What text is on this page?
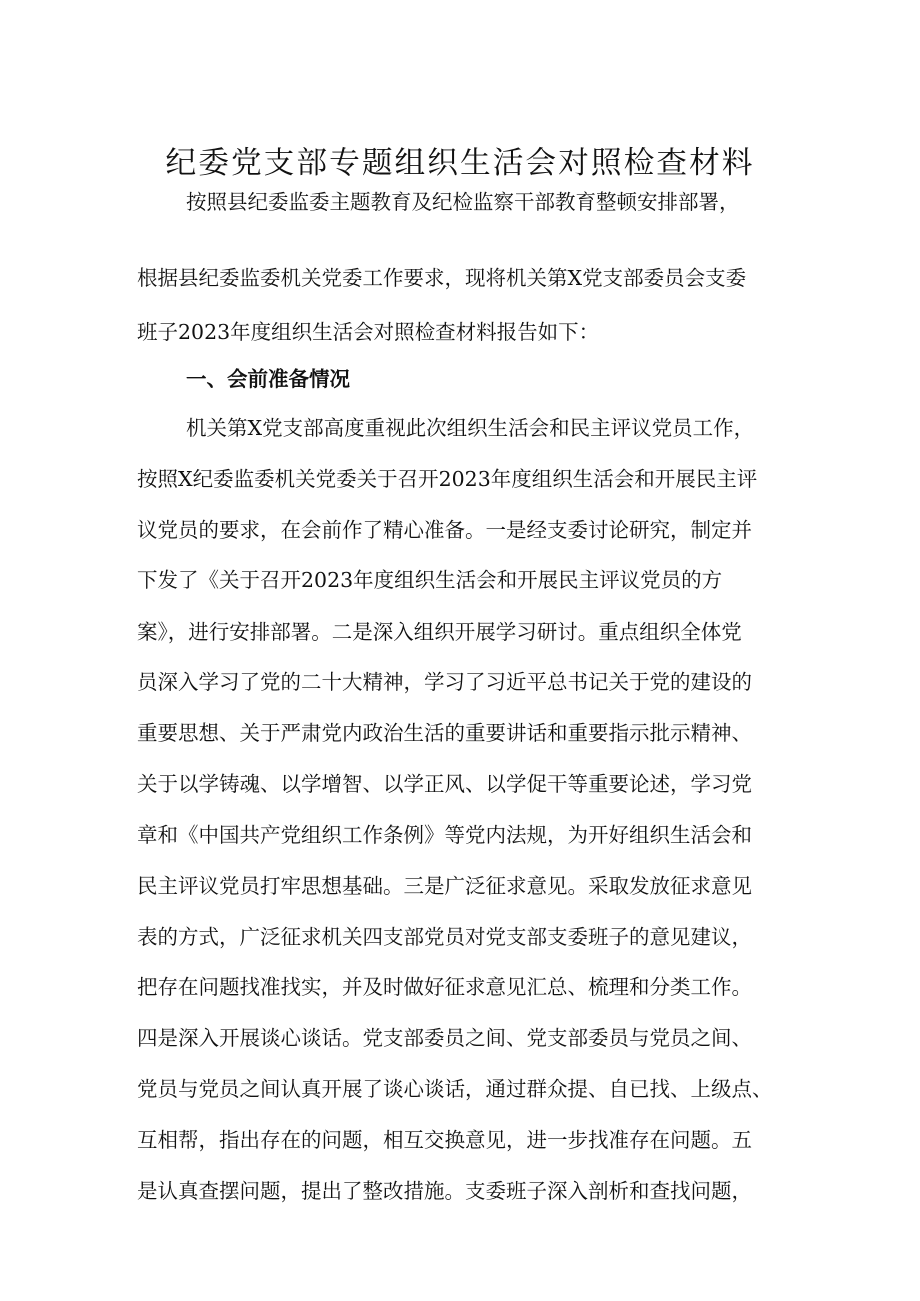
纪委党支部专题组织生活会对照检查材料
按照县纪委监委主题教育及纪检监察干部教育整顿安排部署，
根据县纪委监委机关党委工作要求，现将机关第X党支部委员会支委
班子2023年度组织生活会对照检查材料报告如下：
一、会前准备情况
机关第X党支部高度重视此次组织生活会和民主评议党员工作，
按照X纪委监委机关党委关于召开2023年度组织生活会和开展民主评
议党员的要求，在会前作了精心准备。一是经支委讨论研究，制定并
下发了《关于召开2023年度组织生活会和开展民主评议党员的方
案》，进行安排部署。二是深入组织开展学习研讨。重点组织全体党
员深入学习了党的二十大精神，学习了习近平总书记关于党的建设的
重要思想、关于严肃党内政治生活的重要讲话和重要指示批示精神、
关于以学铸魂、以学增智、以学正风、以学促干等重要论述，学习党
章和《中国共产党组织工作条例》等党内法规，为开好组织生活会和
民主评议党员打牢思想基础。三是广泛征求意见。采取发放征求意见
表的方式，广泛征求机关四支部党员对党支部支委班子的意见建议，
把存在问题找准找实，并及时做好征求意见汇总、梳理和分类工作。
四是深入开展谈心谈话。党支部委员之间、党支部委员与党员之间、
党员与党员之间认真开展了谈心谈话，通过群众提、自已找、上级点、
互相帮，指出存在的问题，相互交换意见，进一步找准存在问题。五
是认真查摆问题，提出了整改措施。支委班子深入剖析和查找问题，
